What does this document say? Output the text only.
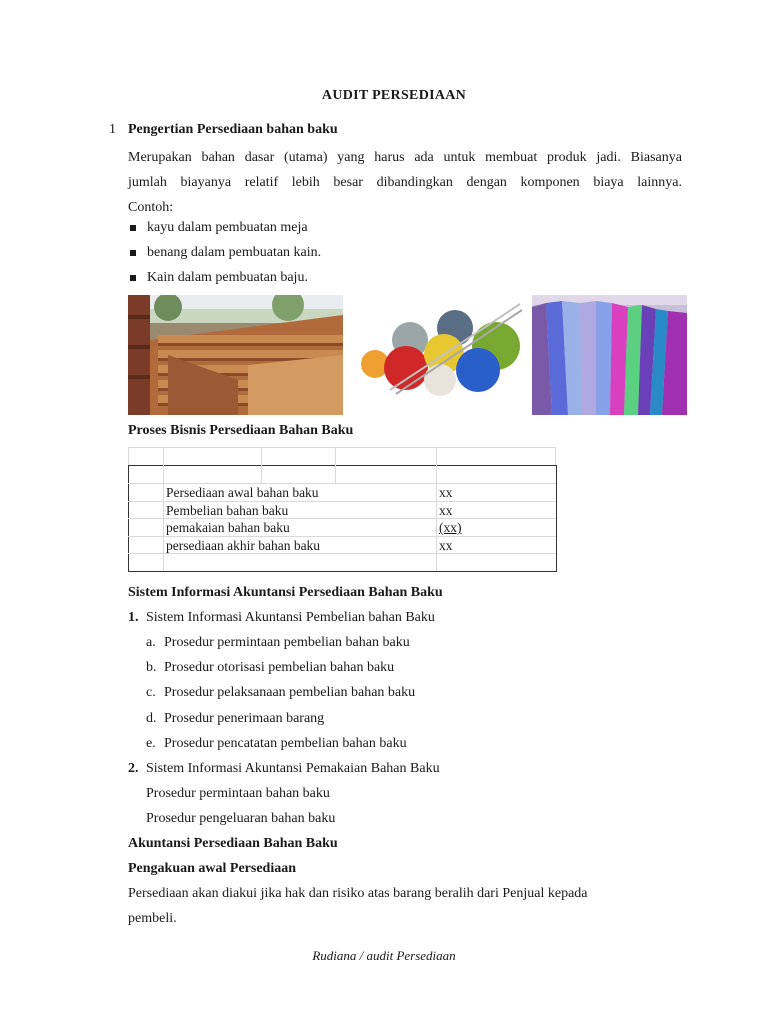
AUDIT PERSEDIAAN
1 Pengertian Persediaan bahan baku
Merupakan bahan dasar (utama) yang harus ada untuk membuat produk jadi. Biasanya
jumlah biayanya relatif lebih besar dibandingkan dengan komponen biaya lainnya.
Contoh:
kayu dalam pembuatan meja
benang dalam pembuatan kain.
Kain dalam pembuatan baju.
Proses Bisnis Persediaan Bahan Baku
Persediaan awal bahan baku	xx
Pembelian bahan baku	xx
pemakaian bahan baku	(xx)
persediaan akhir bahan baku	xx
Sistem Informasi Akuntansi Persediaan Bahan Baku
1. Sistem Informasi Akuntansi Pembelian bahan Baku
a. Prosedur permintaan pembelian bahan baku
b. Prosedur otorisasi pembelian bahan baku
c. Prosedur pelaksanaan pembelian bahan baku
d. Prosedur penerimaan barang
e. Prosedur pencatatan pembelian bahan baku
2. Sistem Informasi Akuntansi Pemakaian Bahan Baku
Prosedur permintaan bahan baku
Prosedur pengeluaran bahan baku
Akuntansi Persediaan Bahan Baku
Pengakuan awal Persediaan
Persediaan akan diakui jika hak dan risiko atas barang beralih dari Penjual kepada
pembeli.
Rudiana / audit Persediaan
